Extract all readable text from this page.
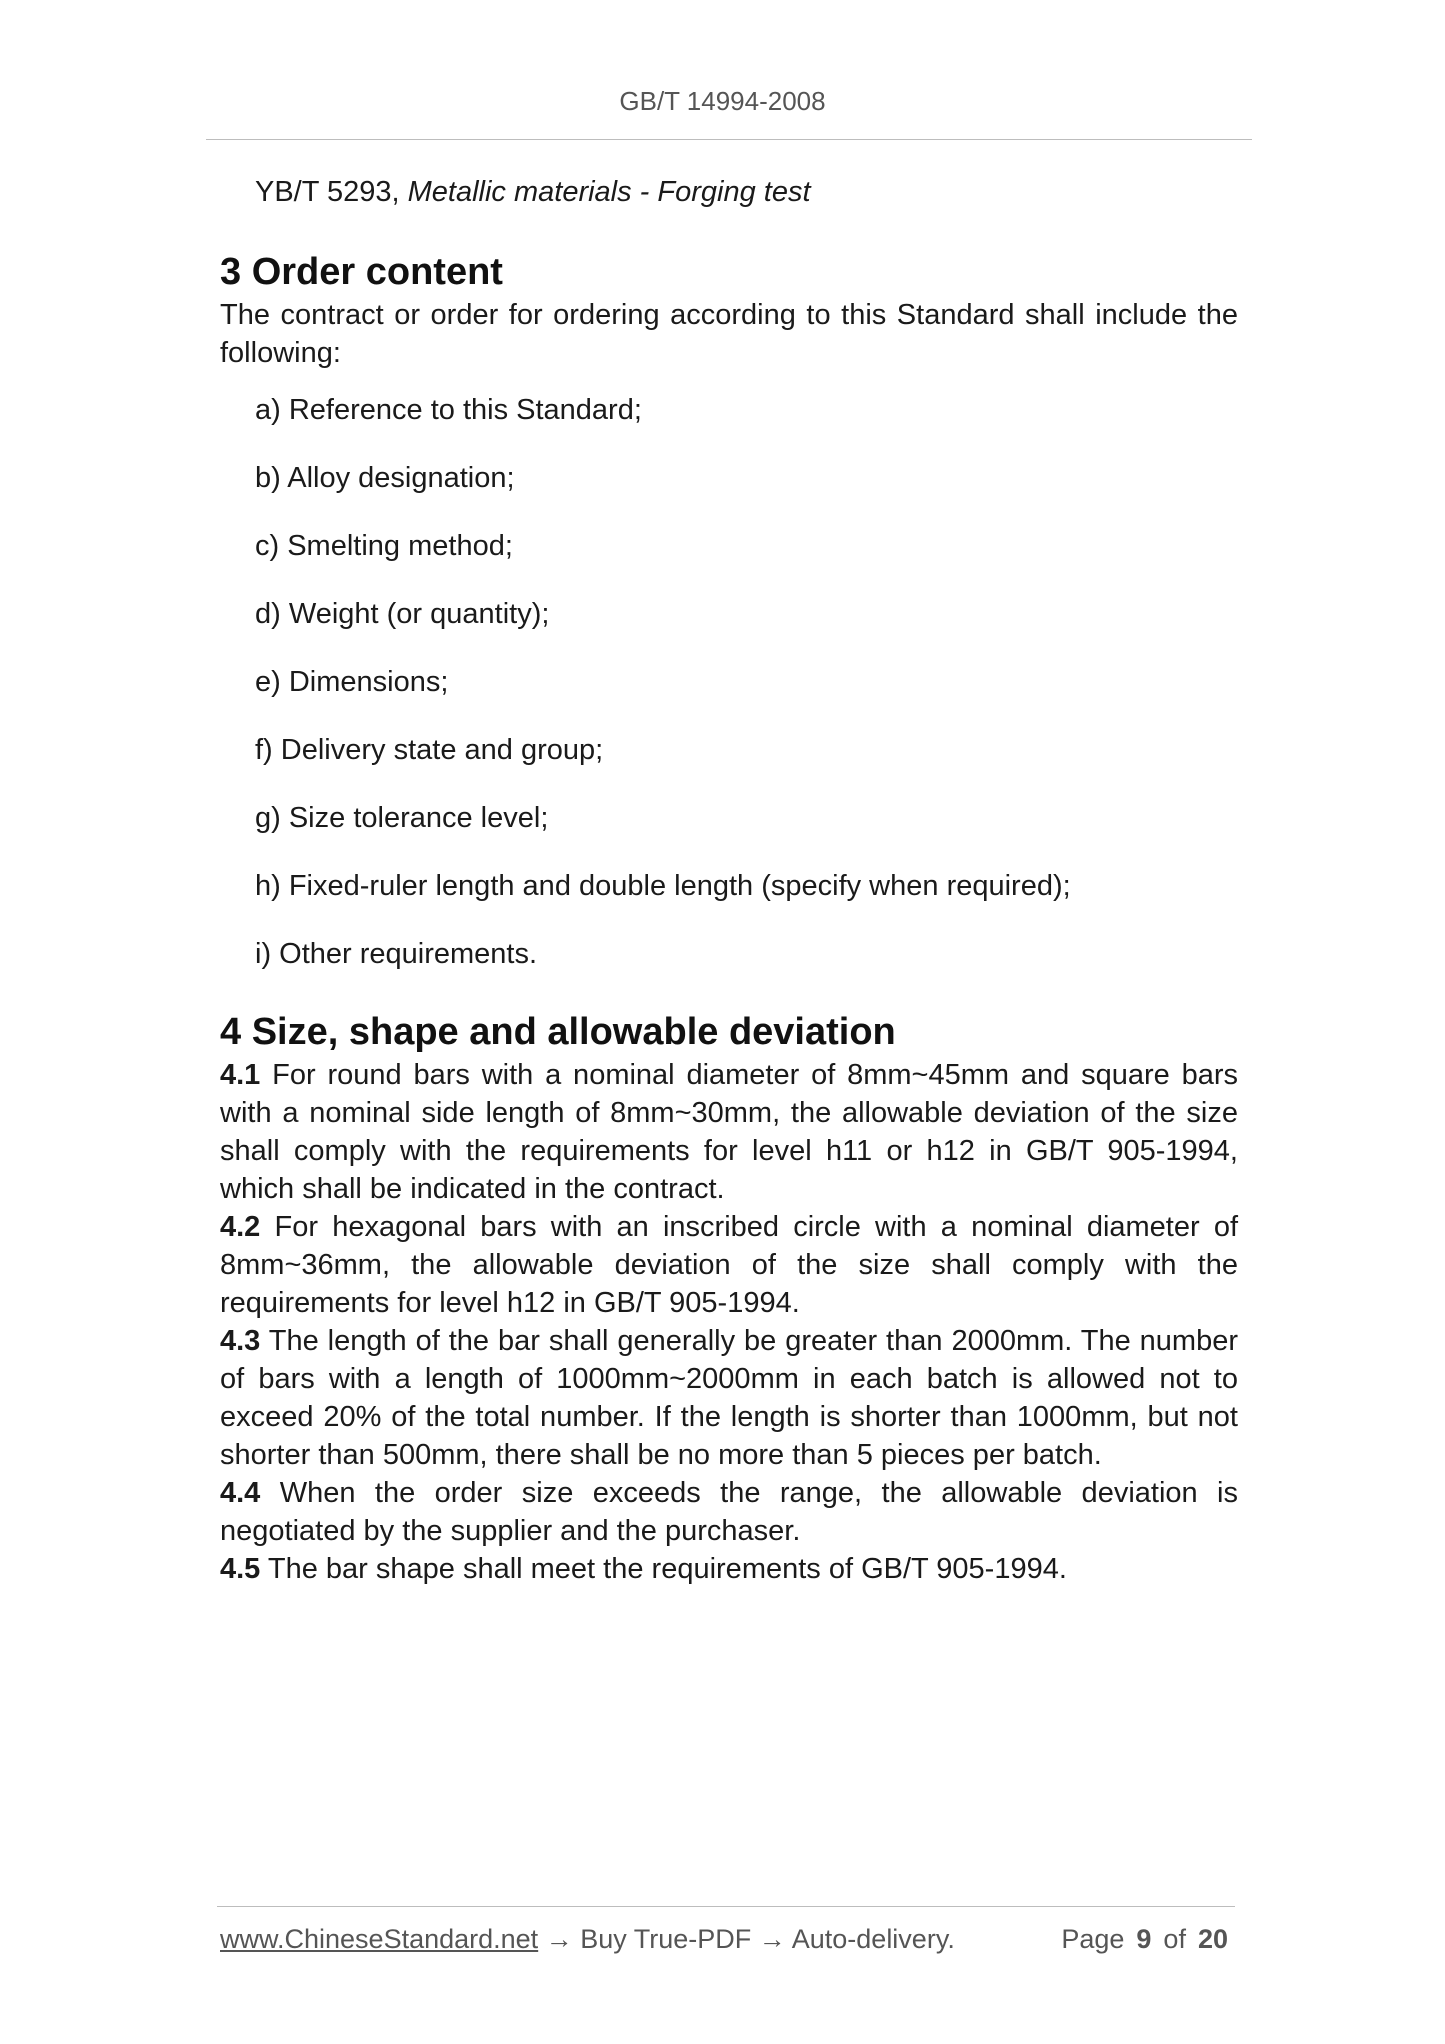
GB/T 14994-2008

YB/T 5293, Metallic materials - Forging test

3 Order content

The contract or order for ordering according to this Standard shall include the following:

a) Reference to this Standard;
b) Alloy designation;
c) Smelting method;
d) Weight (or quantity);
e) Dimensions;
f) Delivery state and group;
g) Size tolerance level;
h) Fixed-ruler length and double length (specify when required);
i) Other requirements.
4 Size, shape and allowable deviation

4.1 For round bars with a nominal diameter of 8mm~45mm and square bars with a nominal side length of 8mm~30mm, the allowable deviation of the size shall comply with the requirements for level h11 or h12 in GB/T 905-1994, which shall be indicated in the contract.

4.2 For hexagonal bars with an inscribed circle with a nominal diameter of 8mm~36mm, the allowable deviation of the size shall comply with the requirements for level h12 in GB/T 905-1994.

4.3 The length of the bar shall generally be greater than 2000mm. The number of bars with a length of 1000mm~2000mm in each batch is allowed not to exceed 20% of the total number. If the length is shorter than 1000mm, but not shorter than 500mm, there shall be no more than 5 pieces per batch.

4.4 When the order size exceeds the range, the allowable deviation is negotiated by the supplier and the purchaser.

4.5 The bar shape shall meet the requirements of GB/T 905-1994.

www.ChineseStandard.net → Buy True-PDF → Auto-delivery.	Page 9 of 20
